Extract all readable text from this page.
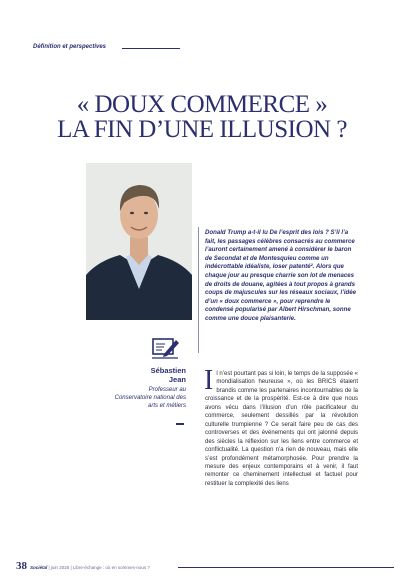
Définition et perspectives
« DOUX COMMERCE »
LA FIN D’UNE ILLUSION ?
Donald Trump a-t-il lu De l’esprit des lois ? S’il l’a fait, les passages célèbres consacrés au commerce l’auront certainement amené à considérer le baron de Secondat et de Montesquieu comme un indécrottable idéaliste, loser patenté². Alors que chaque jour au presque charrie son lot de menaces de droits de douane, agitées à tout propos à grands coups de majuscules sur les réseaux sociaux, l’idée d’un « doux commerce », pour reprendre le condensé popularisé par Albert Hirschman, sonne comme une douce plaisanterie.
Sébastien
Jean
Professeur au Conservatoire national des arts et métiers
Il n’est pourtant pas si loin, le temps de la supposée « mondialisation heureuse », où les BRICS étaient brandis comme les partenaires incontournables de la croissance et de la prospérité. Est-ce à dire que nous avons vécu dans l’illusion d’un rôle pacificateur du commerce, seulement dessillés par la révolution culturelle trumpienne ? Ce serait faire peu de cas des controverses et des événements qui ont jalonné depuis des siècles la réflexion sur les liens entre commerce et conflictualité. La question n’a rien de nouveau, mais elle s’est profondément métamorphosée. Pour prendre la mesure des enjeux contemporains et à venir, il faut remonter ce cheminement intellectuel et factuel pour restituer la complexité des liens
38 Sociétal | juin 2025 | Libre-échange : où en sommes-nous ?
